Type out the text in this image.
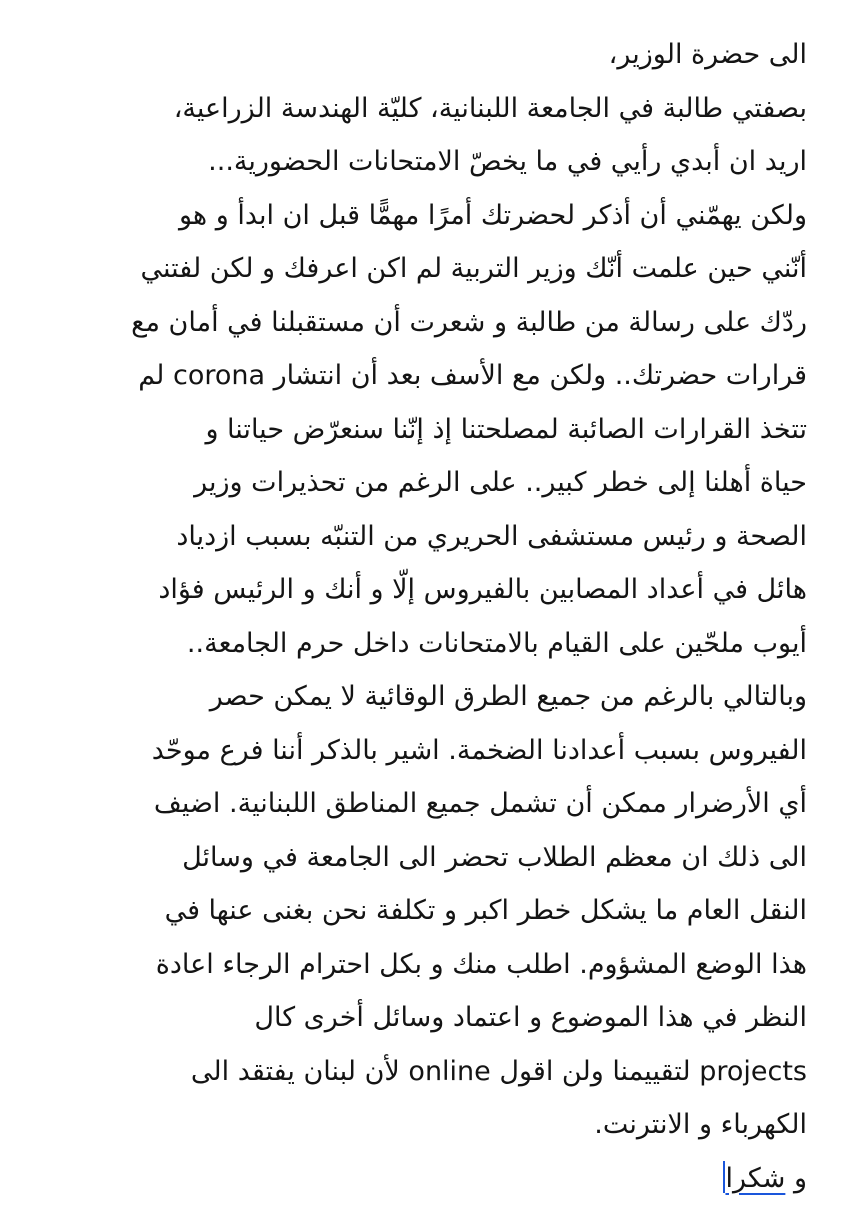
الى حضرة الوزير،
بصفتي طالبة في الجامعة اللبنانية، كليّة الهندسة الزراعية،
اريد ان أبدي رأيي في ما يخصّ الامتحانات الحضورية...
ولكن يهمّني أن أذكر لحضرتك أمرًا مهمًّا قبل ان ابدأ و هو
أنّني حين علمت أنّك وزير التربية لم اكن اعرفك و لكن لفتني
ردّك على رسالة من طالبة و شعرت أن مستقبلنا في أمان مع
قرارات حضرتك.. ولكن مع الأسف بعد أن انتشار corona لم
تتخذ القرارات الصائبة لمصلحتنا إذ إنّنا سنعرّض حياتنا و
حياة أهلنا إلى خطر كبير.. على الرغم من تحذيرات وزير
الصحة و رئيس مستشفى الحريري من التنبّه بسبب ازدياد
هائل في أعداد المصابين بالفيروس إلّا و أنك و الرئيس فؤاد
أيوب ملحّين على القيام بالامتحانات داخل حرم الجامعة..
وبالتالي بالرغم من جميع الطرق الوقائية لا يمكن حصر
الفيروس بسبب أعدادنا الضخمة. اشير بالذكر أننا فرع موحّد
أي الأرضرار ممكن أن تشمل جميع المناطق اللبنانية. اضيف
الى ذلك ان معظم الطلاب تحضر الى الجامعة في وسائل
النقل العام ما يشكل خطر اكبر و تكلفة نحن بغنى عنها في
هذا الوضع المشؤوم. اطلب منك و بكل احترام الرجاء اعادة
النظر في هذا الموضوع و اعتماد وسائل أخرى كال
projects لتقييمنا ولن اقول online لأن لبنان يفتقد الى
الكهرباء و الانترنت.
و شكرا
